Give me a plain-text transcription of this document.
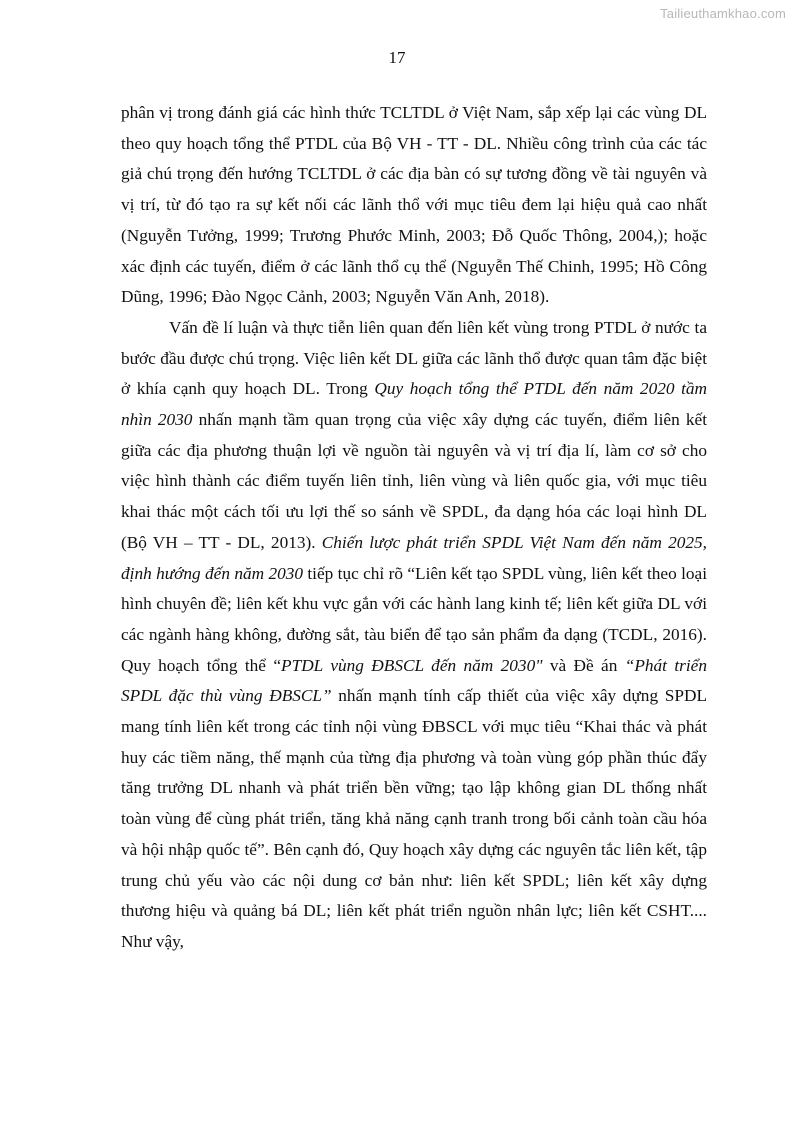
Tailieuthamkhao.com
17

phân vị trong đánh giá các hình thức TCLTDL ở Việt Nam, sắp xếp lại các vùng DL theo quy hoạch tổng thể PTDL của Bộ VH - TT - DL. Nhiều công trình của các tác giả chú trọng đến hướng TCLTDL ở các địa bàn có sự tương đồng về tài nguyên và vị trí, từ đó tạo ra sự kết nối các lãnh thổ với mục tiêu đem lại hiệu quả cao nhất (Nguyễn Tưởng, 1999; Trương Phước Minh, 2003; Đỗ Quốc Thông, 2004,); hoặc xác định các tuyến, điểm ở các lãnh thổ cụ thể (Nguyễn Thế Chinh, 1995; Hồ Công Dũng, 1996; Đào Ngọc Cảnh, 2003; Nguyễn Văn Anh, 2018).

Vấn đề lí luận và thực tiễn liên quan đến liên kết vùng trong PTDL ở nước ta bước đầu được chú trọng. Việc liên kết DL giữa các lãnh thổ được quan tâm đặc biệt ở khía cạnh quy hoạch DL. Trong Quy hoạch tổng thể PTDL đến năm 2020 tầm nhìn 2030 nhấn mạnh tầm quan trọng của việc xây dựng các tuyến, điểm liên kết giữa các địa phương thuận lợi về nguồn tài nguyên và vị trí địa lí, làm cơ sở cho việc hình thành các điểm tuyến liên tỉnh, liên vùng và liên quốc gia, với mục tiêu khai thác một cách tối ưu lợi thế so sánh về SPDL, đa dạng hóa các loại hình DL (Bộ VH – TT - DL, 2013). Chiến lược phát triển SPDL Việt Nam đến năm 2025, định hướng đến năm 2030 tiếp tục chỉ rõ “Liên kết tạo SPDL vùng, liên kết theo loại hình chuyên đề; liên kết khu vực gắn với các hành lang kinh tế; liên kết giữa DL với các ngành hàng không, đường sắt, tàu biển để tạo sản phẩm đa dạng (TCDL, 2016). Quy hoạch tổng thể “PTDL vùng ĐBSCL đến năm 2030" và Đề án “Phát triển SPDL đặc thù vùng ĐBSCL” nhấn mạnh tính cấp thiết của việc xây dựng SPDL mang tính liên kết trong các tỉnh nội vùng ĐBSCL với mục tiêu “Khai thác và phát huy các tiềm năng, thế mạnh của từng địa phương và toàn vùng góp phần thúc đẩy tăng trưởng DL nhanh và phát triển bền vững; tạo lập không gian DL thống nhất toàn vùng để cùng phát triển, tăng khả năng cạnh tranh trong bối cảnh toàn cầu hóa và hội nhập quốc tế”. Bên cạnh đó, Quy hoạch xây dựng các nguyên tắc liên kết, tập trung chủ yếu vào các nội dung cơ bản như: liên kết SPDL; liên kết xây dựng thương hiệu và quảng bá DL; liên kết phát triển nguồn nhân lực; liên kết CSHT.... Như vậy,
